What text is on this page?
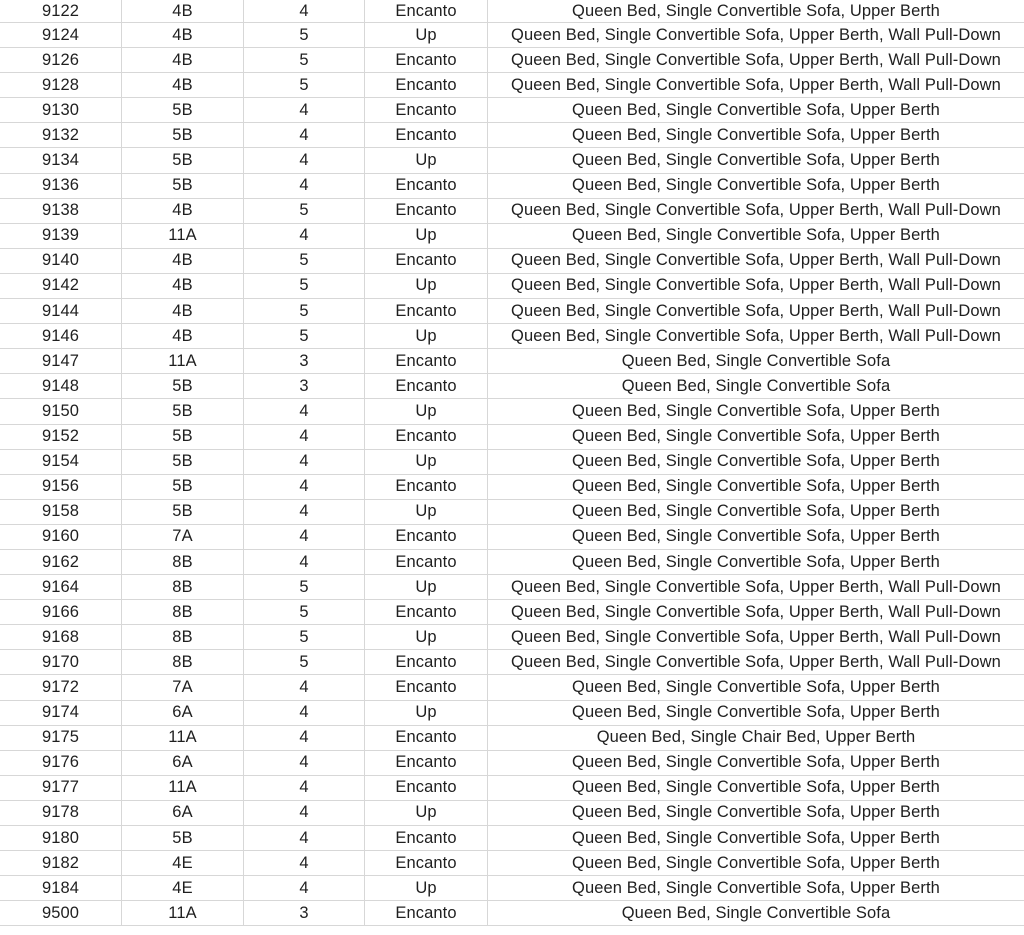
9122	4B	4	Encanto	Queen Bed, Single Convertible Sofa, Upper Berth
9124	4B	5	Up	Queen Bed, Single Convertible Sofa, Upper Berth, Wall Pull-Down
9126	4B	5	Encanto	Queen Bed, Single Convertible Sofa, Upper Berth, Wall Pull-Down
9128	4B	5	Encanto	Queen Bed, Single Convertible Sofa, Upper Berth, Wall Pull-Down
9130	5B	4	Encanto	Queen Bed, Single Convertible Sofa, Upper Berth
9132	5B	4	Encanto	Queen Bed, Single Convertible Sofa, Upper Berth
9134	5B	4	Up	Queen Bed, Single Convertible Sofa, Upper Berth
9136	5B	4	Encanto	Queen Bed, Single Convertible Sofa, Upper Berth
9138	4B	5	Encanto	Queen Bed, Single Convertible Sofa, Upper Berth, Wall Pull-Down
9139	11A	4	Up	Queen Bed, Single Convertible Sofa, Upper Berth
9140	4B	5	Encanto	Queen Bed, Single Convertible Sofa, Upper Berth, Wall Pull-Down
9142	4B	5	Up	Queen Bed, Single Convertible Sofa, Upper Berth, Wall Pull-Down
9144	4B	5	Encanto	Queen Bed, Single Convertible Sofa, Upper Berth, Wall Pull-Down
9146	4B	5	Up	Queen Bed, Single Convertible Sofa, Upper Berth, Wall Pull-Down
9147	11A	3	Encanto	Queen Bed, Single Convertible Sofa
9148	5B	3	Encanto	Queen Bed, Single Convertible Sofa
9150	5B	4	Up	Queen Bed, Single Convertible Sofa, Upper Berth
9152	5B	4	Encanto	Queen Bed, Single Convertible Sofa, Upper Berth
9154	5B	4	Up	Queen Bed, Single Convertible Sofa, Upper Berth
9156	5B	4	Encanto	Queen Bed, Single Convertible Sofa, Upper Berth
9158	5B	4	Up	Queen Bed, Single Convertible Sofa, Upper Berth
9160	7A	4	Encanto	Queen Bed, Single Convertible Sofa, Upper Berth
9162	8B	4	Encanto	Queen Bed, Single Convertible Sofa, Upper Berth
9164	8B	5	Up	Queen Bed, Single Convertible Sofa, Upper Berth, Wall Pull-Down
9166	8B	5	Encanto	Queen Bed, Single Convertible Sofa, Upper Berth, Wall Pull-Down
9168	8B	5	Up	Queen Bed, Single Convertible Sofa, Upper Berth, Wall Pull-Down
9170	8B	5	Encanto	Queen Bed, Single Convertible Sofa, Upper Berth, Wall Pull-Down
9172	7A	4	Encanto	Queen Bed, Single Convertible Sofa, Upper Berth
9174	6A	4	Up	Queen Bed, Single Convertible Sofa, Upper Berth
9175	11A	4	Encanto	Queen Bed, Single Chair Bed, Upper Berth
9176	6A	4	Encanto	Queen Bed, Single Convertible Sofa, Upper Berth
9177	11A	4	Encanto	Queen Bed, Single Convertible Sofa, Upper Berth
9178	6A	4	Up	Queen Bed, Single Convertible Sofa, Upper Berth
9180	5B	4	Encanto	Queen Bed, Single Convertible Sofa, Upper Berth
9182	4E	4	Encanto	Queen Bed, Single Convertible Sofa, Upper Berth
9184	4E	4	Up	Queen Bed, Single Convertible Sofa, Upper Berth
9500	11A	3	Encanto	Queen Bed, Single Convertible Sofa
